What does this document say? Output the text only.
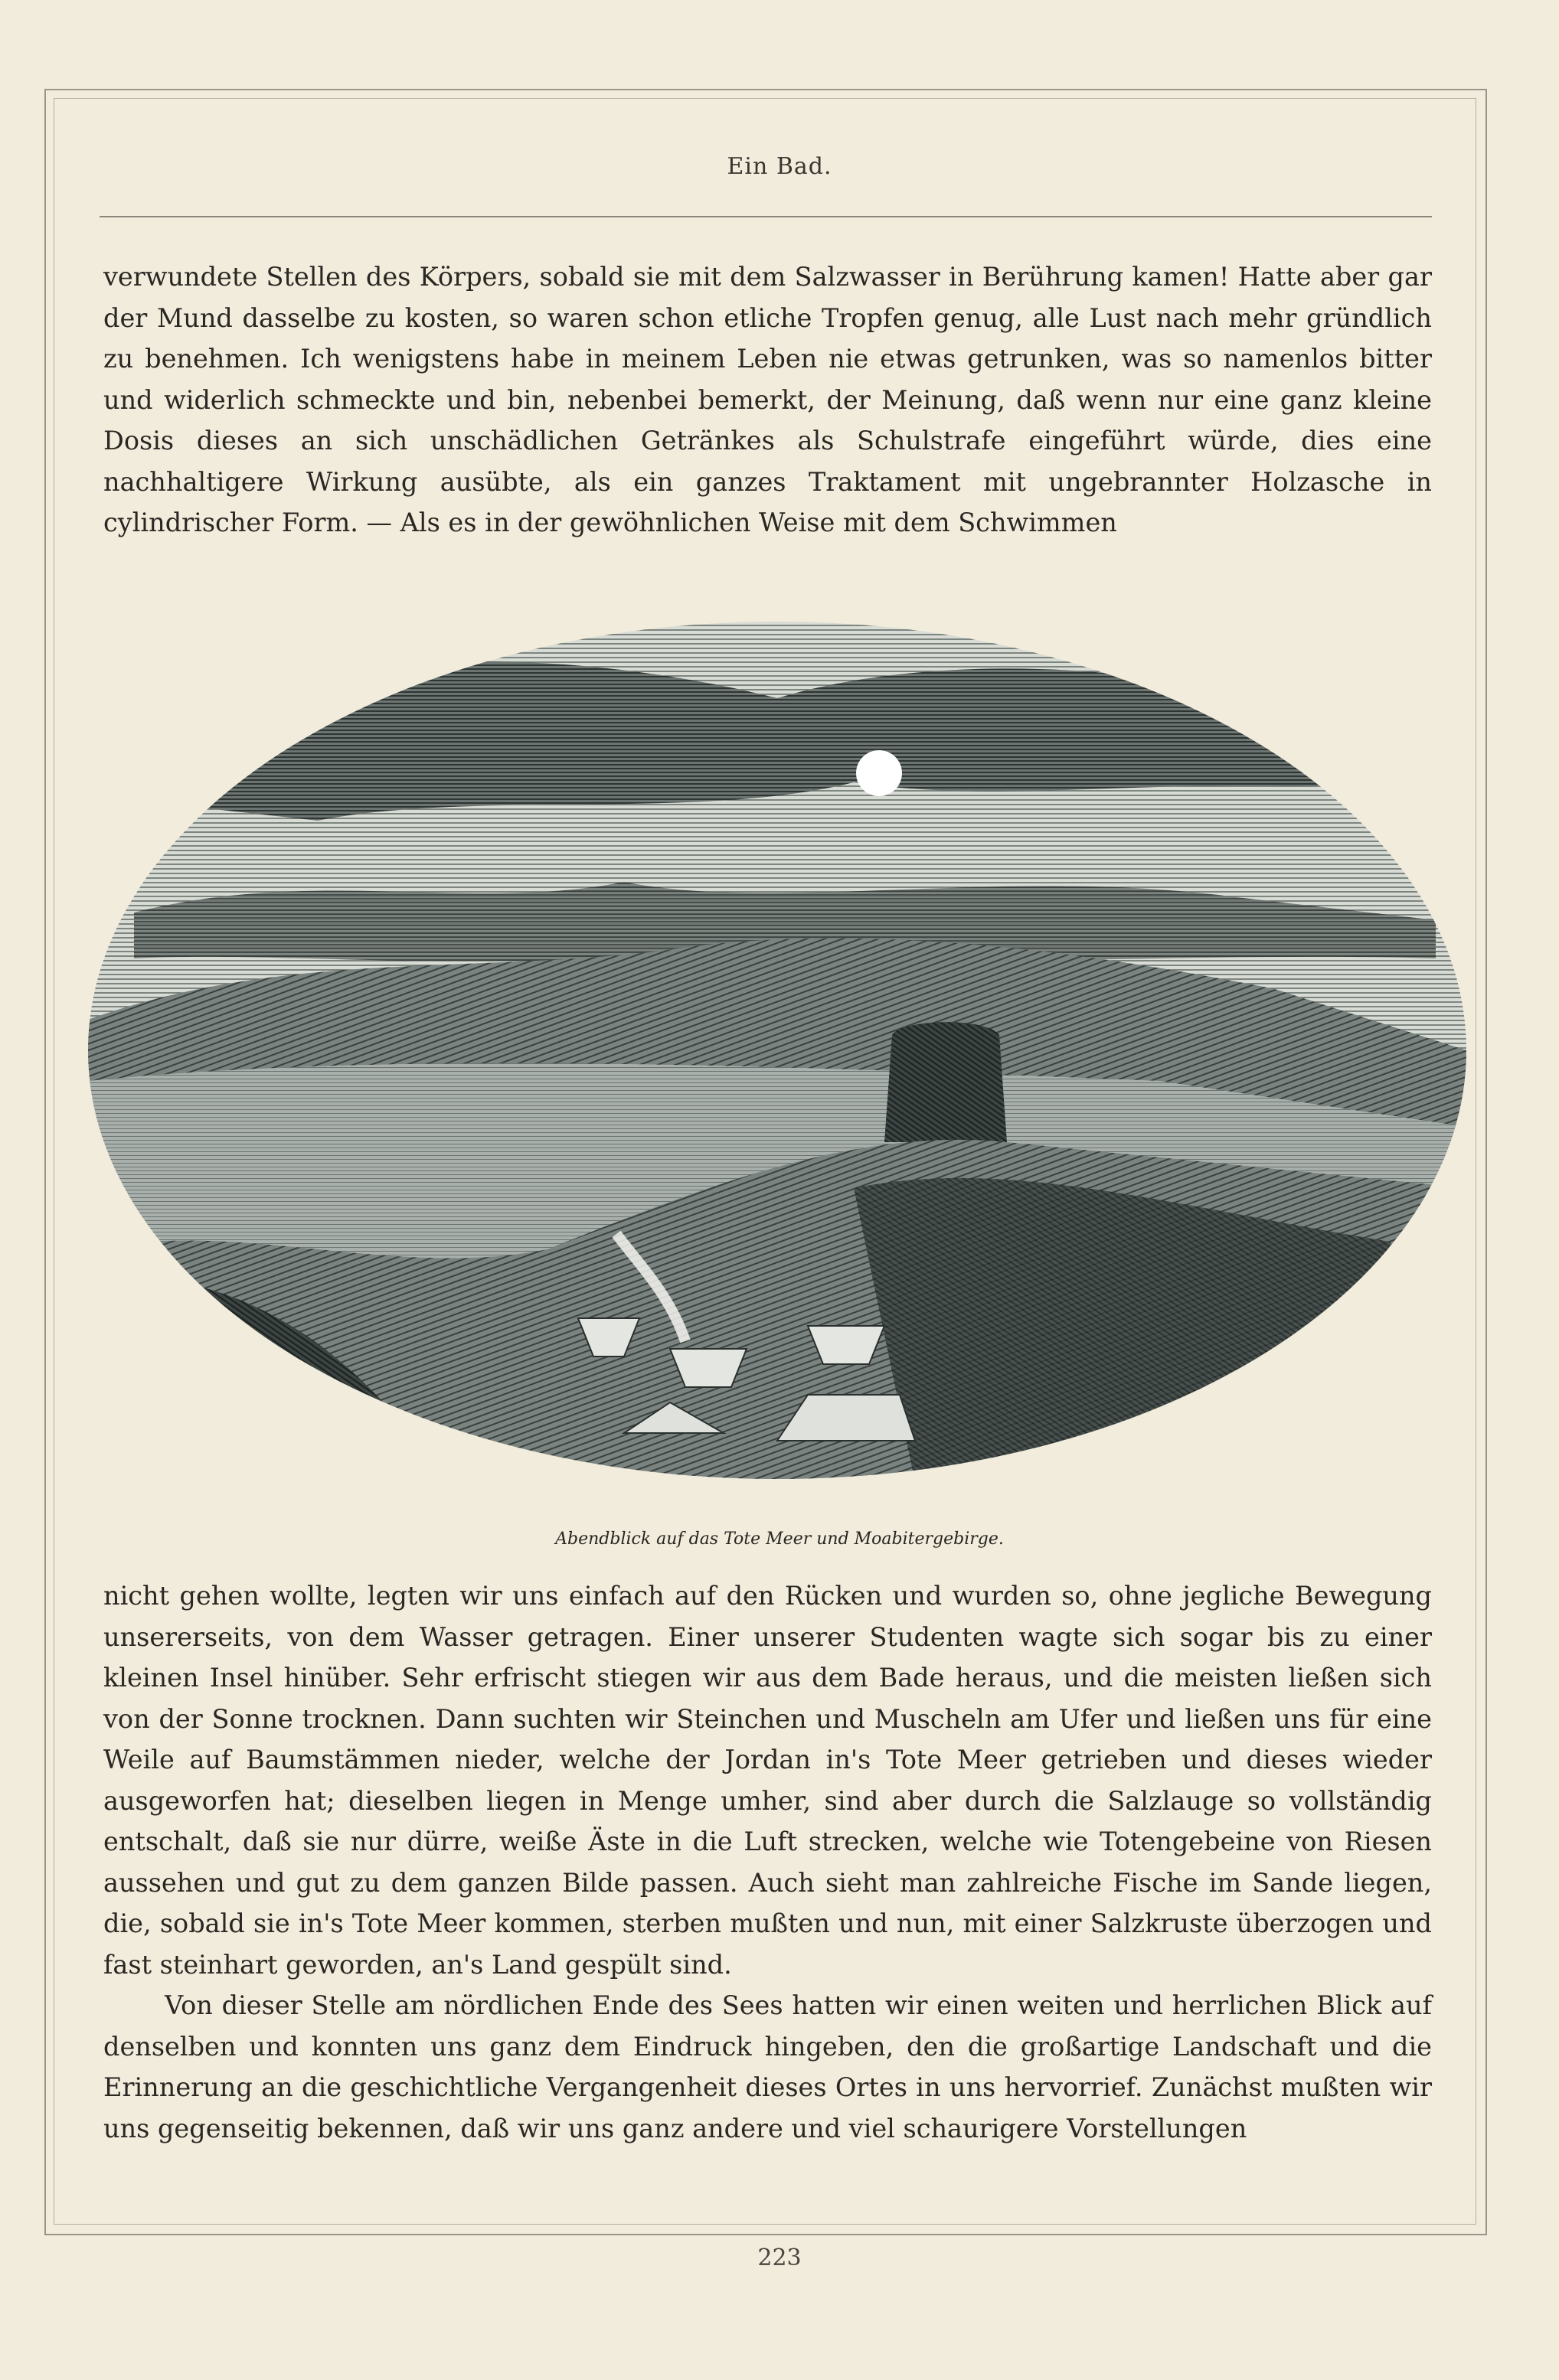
Ein Bad.

verwundete Stellen des Körpers, sobald sie mit dem Salzwasser in Berührung kamen! Hatte aber gar der Mund dasselbe zu kosten, so waren schon etliche Tropfen genug, alle Lust nach mehr gründlich zu benehmen. Ich wenigstens habe in meinem Leben nie etwas getrunken, was so namenlos bitter und widerlich schmeckte und bin, nebenbei bemerkt, der Meinung, daß wenn nur eine ganz kleine Dosis dieses an sich unschädlichen Getränkes als Schulstrafe eingeführt würde, dies eine nachhaltigere Wirkung ausübte, als ein ganzes Traktament mit ungebrannter Holzasche in cylindrischer Form. — Als es in der gewöhnlichen Weise mit dem Schwimmen

Abendblick auf das Tote Meer und Moabitergebirge.

nicht gehen wollte, legten wir uns einfach auf den Rücken und wurden so, ohne jegliche Bewegung unsererseits, von dem Wasser getragen. Einer unserer Studenten wagte sich sogar bis zu einer kleinen Insel hinüber. Sehr erfrischt stiegen wir aus dem Bade heraus, und die meisten ließen sich von der Sonne trocknen. Dann suchten wir Steinchen und Muscheln am Ufer und ließen uns für eine Weile auf Baumstämmen nieder, welche der Jordan in's Tote Meer getrieben und dieses wieder ausgeworfen hat; dieselben liegen in Menge umher, sind aber durch die Salzlauge so vollständig entschalt, daß sie nur dürre, weiße Äste in die Luft strecken, welche wie Totengebeine von Riesen aussehen und gut zu dem ganzen Bilde passen. Auch sieht man zahlreiche Fische im Sande liegen, die, sobald sie in's Tote Meer kommen, sterben mußten und nun, mit einer Salzkruste überzogen und fast steinhart geworden, an's Land gespült sind.

Von dieser Stelle am nördlichen Ende des Sees hatten wir einen weiten und herrlichen Blick auf denselben und konnten uns ganz dem Eindruck hingeben, den die großartige Landschaft und die Erinnerung an die geschichtliche Vergangenheit dieses Ortes in uns hervorrief. Zunächst mußten wir uns gegenseitig bekennen, daß wir uns ganz andere und viel schaurigere Vorstellungen

223
